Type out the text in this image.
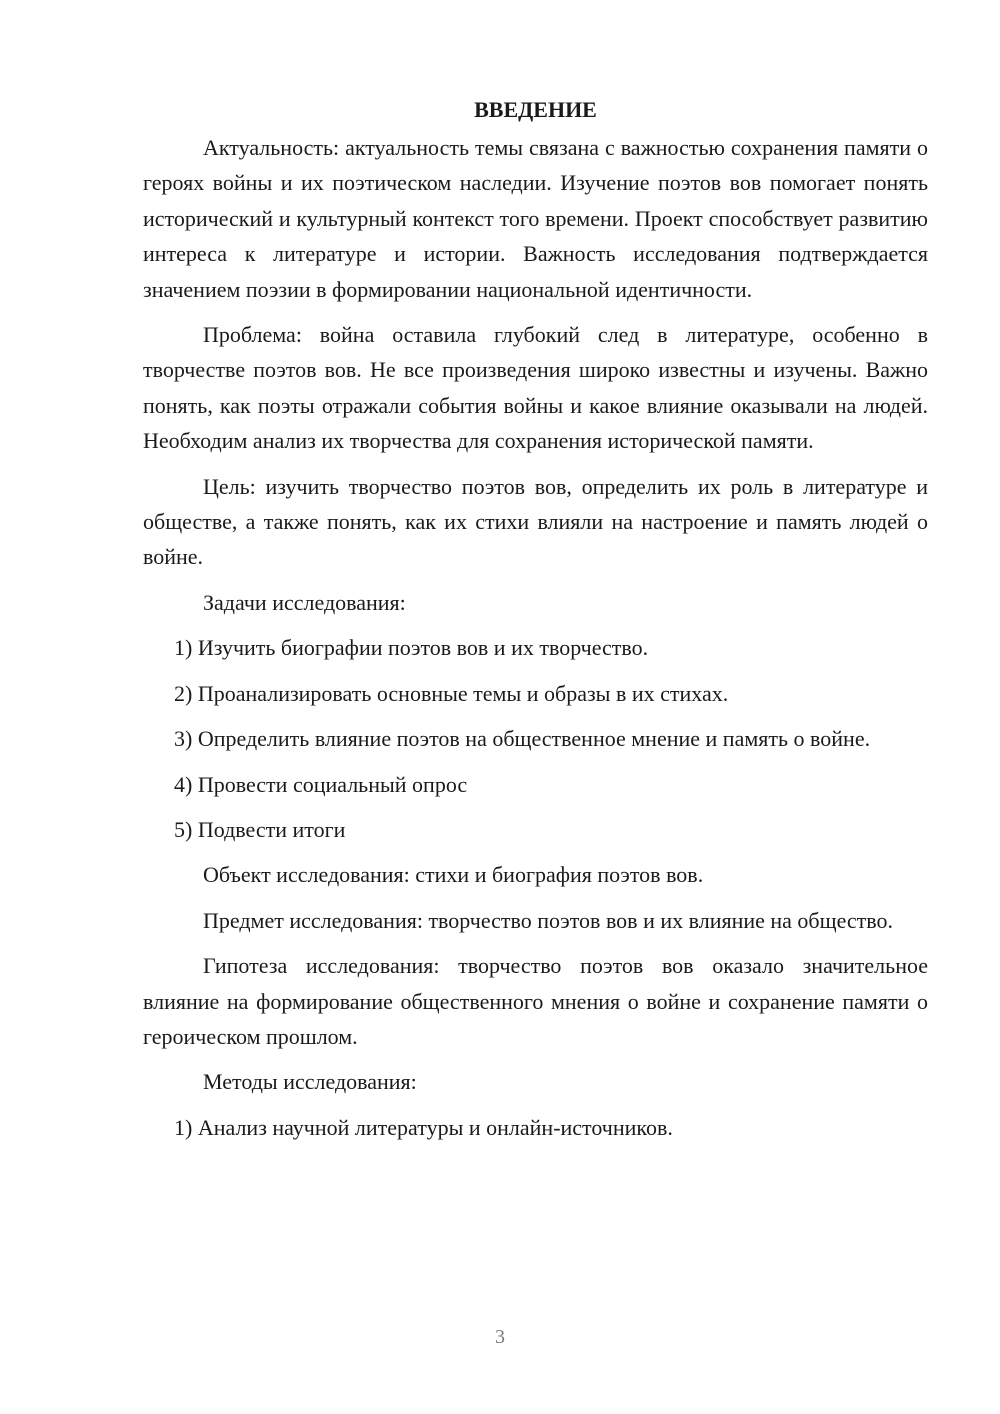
ВВЕДЕНИЕ
Актуальность: актуальность темы связана с важностью сохранения памяти о героях войны и их поэтическом наследии. Изучение поэтов вов помогает понять исторический и культурный контекст того времени. Проект способствует развитию интереса к литературе и истории. Важность исследования подтверждается значением поэзии в формировании национальной идентичности.
Проблема: война оставила глубокий след в литературе, особенно в творчестве поэтов вов. Не все произведения широко известны и изучены. Важно понять, как поэты отражали события войны и какое влияние оказывали на людей. Необходим анализ их творчества для сохранения исторической памяти.
Цель: изучить творчество поэтов вов, определить их роль в литературе и обществе, а также понять, как их стихи влияли на настроение и память людей о войне.
Задачи исследования:
1) Изучить биографии поэтов вов и их творчество.
2) Проанализировать основные темы и образы в их стихах.
3) Определить влияние поэтов на общественное мнение и память о войне.
4) Провести социальный опрос
5) Подвести итоги
Объект исследования: стихи и биография поэтов вов.
Предмет исследования: творчество поэтов вов и их влияние на общество.
Гипотеза исследования: творчество поэтов вов оказало значительное влияние на формирование общественного мнения о войне и сохранение памяти о героическом прошлом.
Методы исследования:
1) Анализ научной литературы и онлайн-источников.
3
